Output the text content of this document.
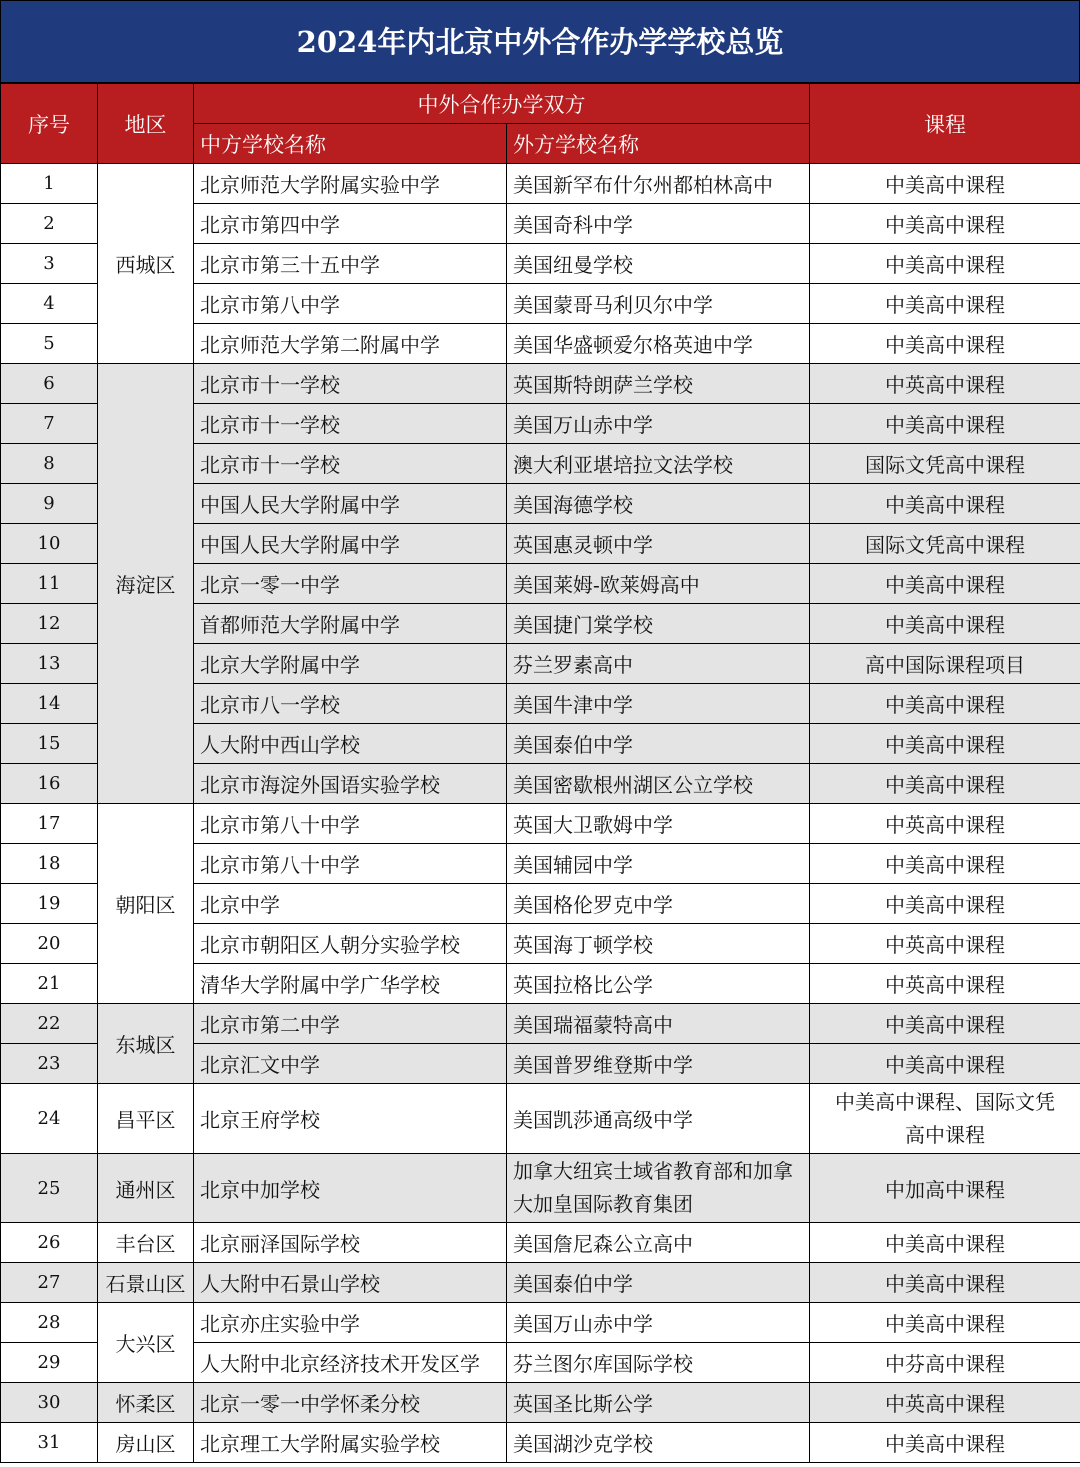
2024年内北京中外合作办学学校总览
序号	地区	中外合作办学双方		课程
		中方学校名称	外方学校名称	
1	西城区	北京师范大学附属实验中学	美国新罕布什尔州都柏林高中	中美高中课程
2		北京市第四中学	美国奇科中学	中美高中课程
3		北京市第三十五中学	美国纽曼学校	中美高中课程
4		北京市第八中学	美国蒙哥马利贝尔中学	中美高中课程
5		北京师范大学第二附属中学	美国华盛顿爱尔格英迪中学	中美高中课程
6	海淀区	北京市十一学校	英国斯特朗萨兰学校	中英高中课程
7		北京市十一学校	美国万山赤中学	中美高中课程
8		北京市十一学校	澳大利亚堪培拉文法学校	国际文凭高中课程
9		中国人民大学附属中学	美国海德学校	中美高中课程
10		中国人民大学附属中学	英国惠灵顿中学	国际文凭高中课程
11		北京一零一中学	美国莱姆-欧莱姆高中	中美高中课程
12		首都师范大学附属中学	美国捷门棠学校	中美高中课程
13		北京大学附属中学	芬兰罗素高中	高中国际课程项目
14		北京市八一学校	美国牛津中学	中美高中课程
15		人大附中西山学校	美国泰伯中学	中美高中课程
16		北京市海淀外国语实验学校	美国密歇根州湖区公立学校	中美高中课程
17	朝阳区	北京市第八十中学	英国大卫歌姆中学	中英高中课程
18		北京市第八十中学	美国辅园中学	中美高中课程
19		北京中学	美国格伦罗克中学	中美高中课程
20		北京市朝阳区人朝分实验学校	英国海丁顿学校	中英高中课程
21		清华大学附属中学广华学校	英国拉格比公学	中英高中课程
22	东城区	北京市第二中学	美国瑞福蒙特高中	中美高中课程
23		北京汇文中学	美国普罗维登斯中学	中美高中课程
24	昌平区	北京王府学校	美国凯莎通高级中学	中美高中课程、国际文凭高中课程
25	通州区	北京中加学校	加拿大纽宾士域省教育部和加拿大加皇国际教育集团	中加高中课程
26	丰台区	北京丽泽国际学校	美国詹尼森公立高中	中美高中课程
27	石景山区	人大附中石景山学校	美国泰伯中学	中美高中课程
28	大兴区	北京亦庄实验中学	美国万山赤中学	中美高中课程
29		人大附中北京经济技术开发区学	芬兰图尔库国际学校	中芬高中课程
30	怀柔区	北京一零一中学怀柔分校	英国圣比斯公学	中英高中课程
31	房山区	北京理工大学附属实验学校	美国湖沙克学校	中美高中课程
